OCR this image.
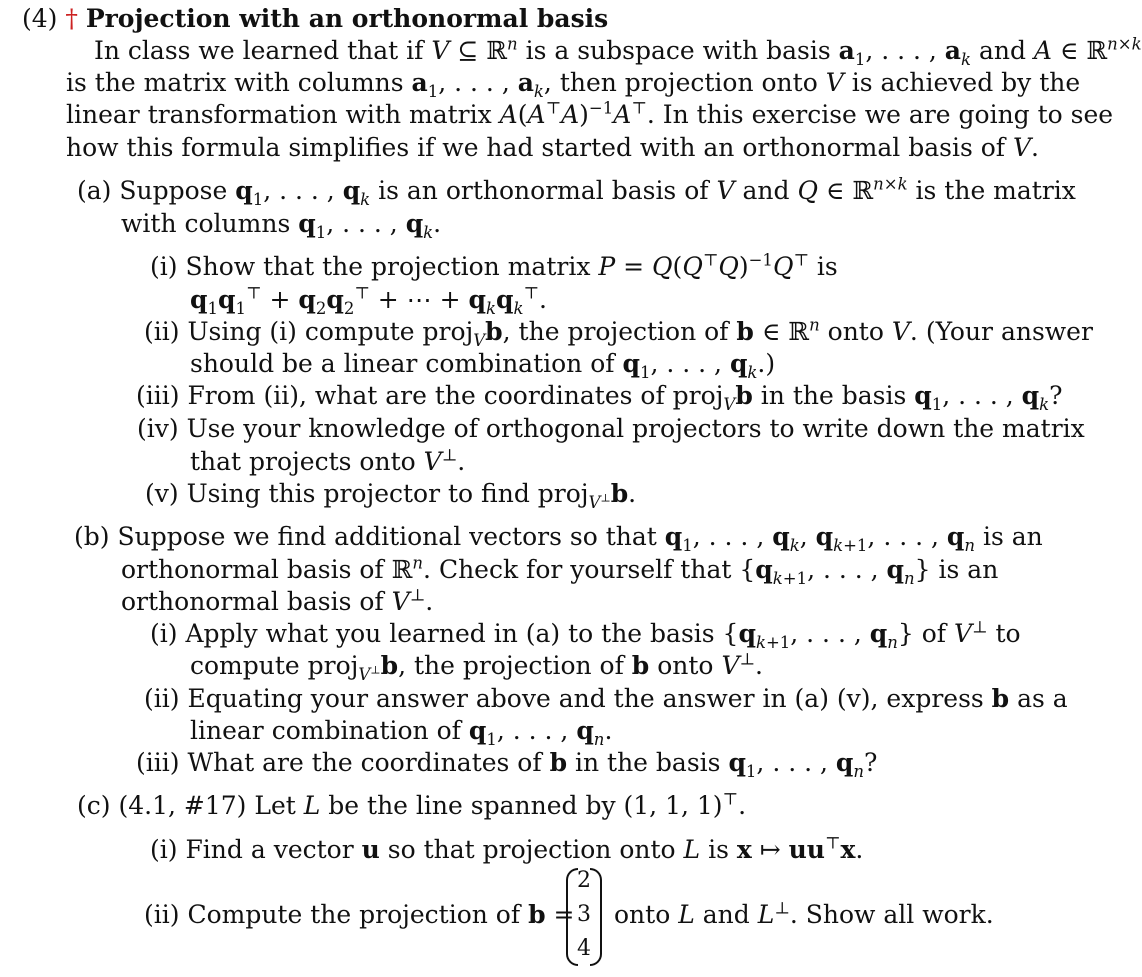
(4) † Projection with an orthonormal basis
In class we learned that if V ⊆ ℝ$^n$ is a subspace with basis $a_1$, . . . , $a_k$ and A ∈ ℝ$^{n\times k}$
is the matrix with columns $a_1$, . . . , $a_k$, then projection onto V is achieved by the
linear transformation with matrix $A(A^⊤A)^{-1}A^⊤$. In this exercise we are going to see
how this formula simplifies if we had started with an orthonormal basis of V.
(a) Suppose $q_1$, . . . , $q_k$ is an orthonormal basis of V and Q ∈ ℝ$^{n\times k}$ is the matrix
with columns $q_1$, . . . , $q_k$.
(i) Show that the projection matrix $P = Q(Q^⊤Q)^{-1}Q^⊤$ is
$q_1q_1^⊤ + q_2q_2^⊤$ + ⋯ + $q_kq_k^⊤$.
(ii) Using (i) compute proj$_V$b, the projection of b ∈ ℝ$^n$ onto V. (Your answer
should be a linear combination of $q_1$, . . . , $q_k$.)
(iii) From (ii), what are the coordinates of proj$_V$b in the basis $q_1$, . . . , $q_k$?
(iv) Use your knowledge of orthogonal projectors to write down the matrix
that projects onto V⊥.
(v) Using this projector to find proj$_{V^\perp}$b.
(b) Suppose we find additional vectors so that $q_1$, . . . , $q_k$, $q_{k+1}$, . . . , $q_n$ is an
orthonormal basis of ℝ$^n$. Check for yourself that {$q_{k+1}$, . . . , $q_n$} is an
orthonormal basis of V⊥.
(i) Apply what you learned in (a) to the basis {$q_{k+1}$, . . . , $q_n$} of V⊥ to
compute proj$_{V^\perp}$b, the projection of b onto V⊥.
(ii) Equating your answer above and the answer in (a) (v), express b as a
linear combination of $q_1$, . . . , $q_n$.
(iii) What are the coordinates of b in the basis $q_1$, . . . , $q_n$?
(c) (4.1, #17) Let L be the line spanned by (1, 1, 1)⊤.
(i) Find a vector u so that projection onto L is x ↦ uu⊤x.
(ii) Compute the projection of b =
2
3
4
onto L and L⊥. Show all work.
